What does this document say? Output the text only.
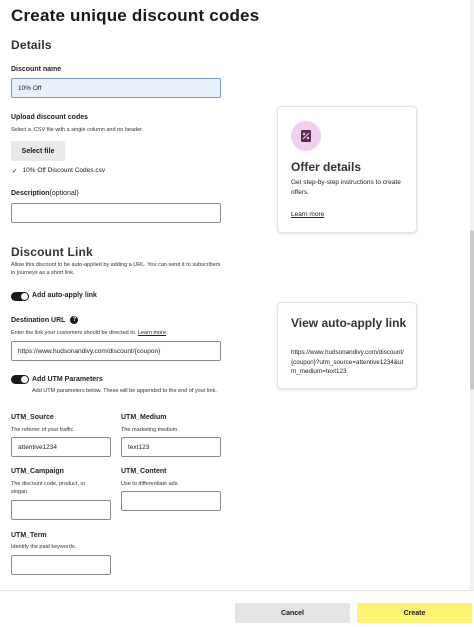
Create unique discount codes
Details
Discount name
10% Off
Upload discount codes
Select a .CSV file with a single column and no header.
Select file
✓ 10% Off Discount Codes.csv
Description(optional)
Offer details
Get step-by-step instructions to create offers.
Learn more
Discount Link
Allow this discount to be auto-applied by adding a URL. You can send it to subscribers in journeys as a short link.
Add auto-apply link
Destination URL	?
Enter the link your customers should be directed to. Learn more
https://www.hudsonandivy.com/discount/{coupon}
Add UTM Parameters
Add UTM parameters below. These will be appended to the end of your link.
View auto-apply link
https://www.hudsonandivy.com/discount/{coupon}?utm_source=attentive1234&utm_medium=text123
UTM_Source
The referrer of your traffic.
attentive1234
UTM_Medium
The marketing medium.
text123
UTM_Campaign
The discount code, product, or slogan.
UTM_Content
Use to differentiate ads.
UTM_Term
Identify the paid keywords.
Cancel	Create
